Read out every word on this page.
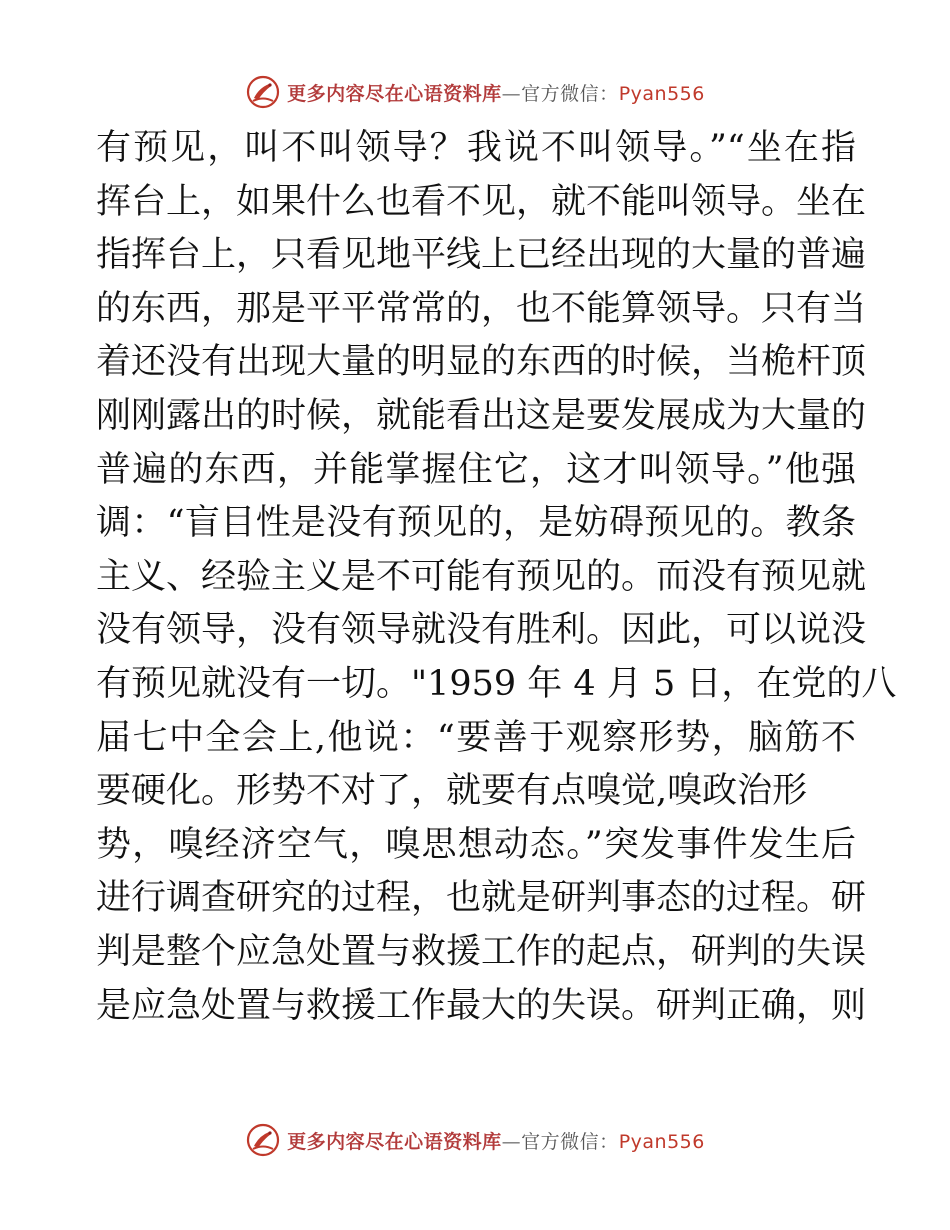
更多内容尽在心语资料库—官方微信：Pyan556
有预见，叫不叫领导？我说不叫领导。”“坐在指
挥台上，如果什么也看不见，就不能叫领导。坐在
指挥台上，只看见地平线上已经出现的大量的普遍
的东西，那是平平常常的，也不能算领导。只有当
着还没有出现大量的明显的东西的时候，当桅杆顶
刚刚露出的时候，就能看出这是要发展成为大量的
普遍的东西，并能掌握住它，这才叫领导。”他强
调：“盲目性是没有预见的，是妨碍预见的。教条
主义、经验主义是不可能有预见的。而没有预见就
没有领导，没有领导就没有胜利。因此，可以说没
有预见就没有一切。"1959 年 4 月 5 日，在党的八
届七中全会上,他说：“要善于观察形势，脑筋不
要硬化。形势不对了，就要有点嗅觉,嗅政治形
势，嗅经济空气，嗅思想动态。”突发事件发生后
进行调查研究的过程，也就是研判事态的过程。研
判是整个应急处置与救援工作的起点，研判的失误
是应急处置与救援工作最大的失误。研判正确，则
更多内容尽在心语资料库—官方微信：Pyan556
